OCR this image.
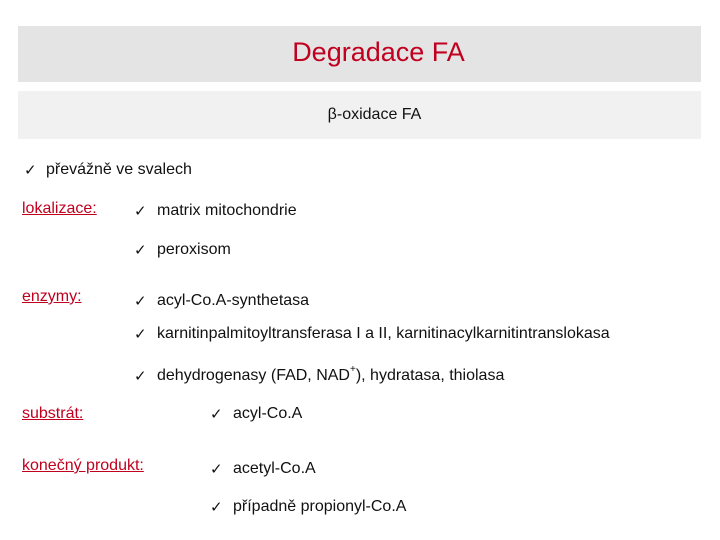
Degradace FA
β-oxidace FA
✓ převážně ve svalech
lokalizace: ✓ matrix mitochondrie
✓ peroxisom
enzymy:	✓ acyl-Co.A-synthetasa
✓ karnitinpalmitoyltransferasa I a II, karnitinacylkarnitintranslokasa
✓ dehydrogenasy (FAD, NAD+), hydratasa, thiolasa
substrát:	✓ acyl-Co.A
konečný produkt:	✓ acetyl-Co.A
✓ případně propionyl-Co.A
